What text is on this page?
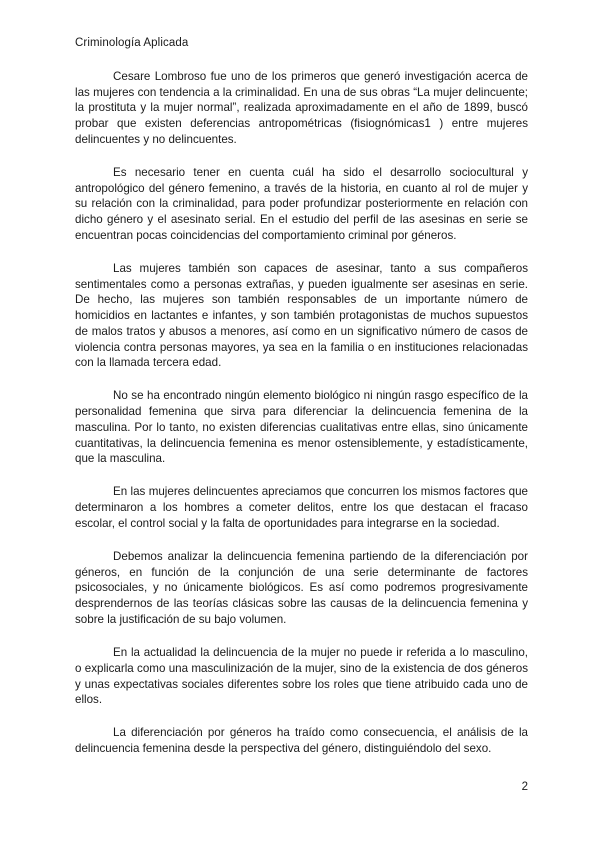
Criminología Aplicada

Cesare Lombroso fue uno de los primeros que generó investigación acerca de las mujeres con tendencia a la criminalidad. En una de sus obras “La mujer delincuente; la prostituta y la mujer normal”, realizada aproximadamente en el año de 1899, buscó probar que existen deferencias antropométricas (fisiognómicas1 ) entre mujeres delincuentes y no delincuentes.

Es necesario tener en cuenta cuál ha sido el desarrollo sociocultural y antropológico del género femenino, a través de la historia, en cuanto al rol de mujer y su relación con la criminalidad, para poder profundizar posteriormente en relación con dicho género y el asesinato serial. En el estudio del perfil de las asesinas en serie se encuentran pocas coincidencias del comportamiento criminal por géneros.

Las mujeres también son capaces de asesinar, tanto a sus compañeros sentimentales como a personas extrañas, y pueden igualmente ser asesinas en serie. De hecho, las mujeres son también responsables de un importante número de homicidios en lactantes e infantes, y son también protagonistas de muchos supuestos de malos tratos y abusos a menores, así como en un significativo número de casos de violencia contra personas mayores, ya sea en la familia o en instituciones relacionadas con la llamada tercera edad.

No se ha encontrado ningún elemento biológico ni ningún rasgo específico de la personalidad femenina que sirva para diferenciar la delincuencia femenina de la masculina. Por lo tanto, no existen diferencias cualitativas entre ellas, sino únicamente cuantitativas, la delincuencia femenina es menor ostensiblemente, y estadísticamente, que la masculina.

En las mujeres delincuentes apreciamos que concurren los mismos factores que determinaron a los hombres a cometer delitos, entre los que destacan el fracaso escolar, el control social y la falta de oportunidades para integrarse en la sociedad.

Debemos analizar la delincuencia femenina partiendo de la diferenciación por géneros, en función de la conjunción de una serie determinante de factores psicosociales, y no únicamente biológicos. Es así como podremos progresivamente desprendernos de las teorías clásicas sobre las causas de la delincuencia femenina y sobre la justificación de su bajo volumen.

En la actualidad la delincuencia de la mujer no puede ir referida a lo masculino, o explicarla como una masculinización de la mujer, sino de la existencia de dos géneros y unas expectativas sociales diferentes sobre los roles que tiene atribuido cada uno de ellos.

La diferenciación por géneros ha traído como consecuencia, el análisis de la delincuencia femenina desde la perspectiva del género, distinguiéndolo del sexo.

2
